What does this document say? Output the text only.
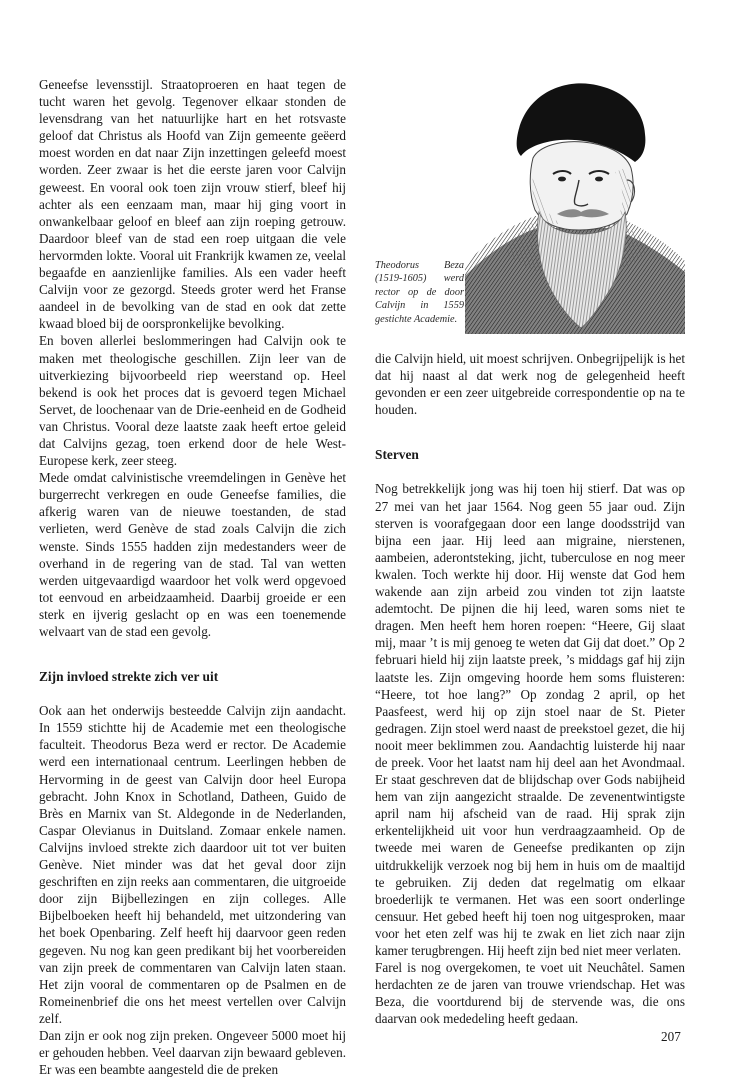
Geneefse levensstijl. Straatoproeren en haat tegen de tucht waren het gevolg. Tegenover elkaar stonden de levensdrang van het natuurlijke hart en het rotsvaste geloof dat Christus als Hoofd van Zijn gemeente geëerd moest worden en dat naar Zijn inzettingen geleefd moest worden. Zeer zwaar is het die eerste jaren voor Calvijn geweest. En vooral ook toen zijn vrouw stierf, bleef hij achter als een eenzaam man, maar hij ging voort in onwankelbaar geloof en bleef aan zijn roeping getrouw. Daardoor bleef van de stad een roep uitgaan die vele hervormden lokte. Vooral uit Frankrijk kwamen ze, veelal begaafde en aanzienlijke families. Als een vader heeft Calvijn voor ze gezorgd. Steeds groter werd het Franse aandeel in de bevolking van de stad en ook dat zette kwaad bloed bij de oorspronkelijke bevolking.

En boven allerlei beslommeringen had Calvijn ook te maken met theologische geschillen. Zijn leer van de uitverkiezing bijvoorbeeld riep weerstand op. Heel bekend is ook het proces dat is gevoerd tegen Michael Servet, de loochenaar van de Drie-eenheid en de Godheid van Christus. Vooral deze laatste zaak heeft ertoe geleid dat Calvijns gezag, toen erkend door de hele West-Europese kerk, zeer steeg.

Mede omdat calvinistische vreemdelingen in Genève het burgerrecht verkregen en oude Geneefse families, die afkerig waren van de nieuwe toestanden, de stad verlieten, werd Genève de stad zoals Calvijn die zich wenste. Sinds 1555 hadden zijn medestanders weer de overhand in de regering van de stad. Tal van wetten werden uitgevaardigd waardoor het volk werd opgevoed tot eenvoud en arbeidzaamheid. Daarbij groeide er een sterk en ijverig geslacht op en was een toenemende welvaart van de stad een gevolg.

Zijn invloed strekte zich ver uit

Ook aan het onderwijs besteedde Calvijn zijn aandacht. In 1559 stichtte hij de Academie met een theologische faculteit. Theodorus Beza werd er rector. De Academie werd een internationaal centrum. Leerlingen hebben de Hervorming in de geest van Calvijn door heel Europa gebracht. John Knox in Schotland, Datheen, Guido de Brès en Marnix van St. Aldegonde in de Nederlanden, Caspar Olevianus in Duitsland. Zomaar enkele namen. Calvijns invloed strekte zich daardoor uit tot ver buiten Genève. Niet minder was dat het geval door zijn geschriften en zijn reeks aan commentaren, die uitgroeide door zijn Bijbellezingen en zijn colleges. Alle Bijbelboeken heeft hij behandeld, met uitzondering van het boek Openbaring. Zelf heeft hij daarvoor geen reden gegeven. Nu nog kan geen predikant bij het voorbereiden van zijn preek de commentaren van Calvijn laten staan. Het zijn vooral de commentaren op de Psalmen en de Romeinenbrief die ons het meest vertellen over Calvijn zelf.

Dan zijn er ook nog zijn preken. Ongeveer 5000 moet hij er gehouden hebben. Veel daarvan zijn bewaard gebleven. Er was een beambte aangesteld die de preken

Theodorus Beza (1519-1605) werd rector op de door Calvijn in 1559 gestichte Academie.

die Calvijn hield, uit moest schrijven. Onbegrijpelijk is het dat hij naast al dat werk nog de gelegenheid heeft gevonden er een zeer uitgebreide correspondentie op na te houden.

Sterven

Nog betrekkelijk jong was hij toen hij stierf. Dat was op 27 mei van het jaar 1564. Nog geen 55 jaar oud. Zijn sterven is voorafgegaan door een lange doodsstrijd van bijna een jaar. Hij leed aan migraine, nierstenen, aambeien, aderontsteking, jicht, tuberculose en nog meer kwalen. Toch werkte hij door. Hij wenste dat God hem wakende aan zijn arbeid zou vinden tot zijn laatste ademtocht. De pijnen die hij leed, waren soms niet te dragen. Men heeft hem horen roepen: “Heere, Gij slaat mij, maar ’t is mij genoeg te weten dat Gij dat doet.” Op 2 februari hield hij zijn laatste preek, ’s middags gaf hij zijn laatste les. Zijn omgeving hoorde hem soms fluisteren: “Heere, tot hoe lang?” Op zondag 2 april, op het Paasfeest, werd hij op zijn stoel naar de St. Pieter gedragen. Zijn stoel werd naast de preekstoel gezet, die hij nooit meer beklimmen zou. Aandachtig luisterde hij naar de preek. Voor het laatst nam hij deel aan het Avondmaal. Er staat geschreven dat de blijdschap over Gods nabijheid hem van zijn aangezicht straalde. De zevenentwintigste april nam hij afscheid van de raad. Hij sprak zijn erkentelijkheid uit voor hun verdraagzaamheid. Op de tweede mei waren de Geneefse predikanten op zijn uitdrukkelijk verzoek nog bij hem in huis om de maaltijd te gebruiken. Zij deden dat regelmatig om elkaar broederlijk te vermanen. Het was een soort onderlinge censuur. Het gebed heeft hij toen nog uitgesproken, maar voor het eten zelf was hij te zwak en liet zich naar zijn kamer terugbrengen. Hij heeft zijn bed niet meer verlaten.

Farel is nog overgekomen, te voet uit Neuchâtel. Samen herdachten ze de jaren van trouwe vriendschap. Het was Beza, die voortdurend bij de stervende was, die ons daarvan ook mededeling heeft gedaan.

207
